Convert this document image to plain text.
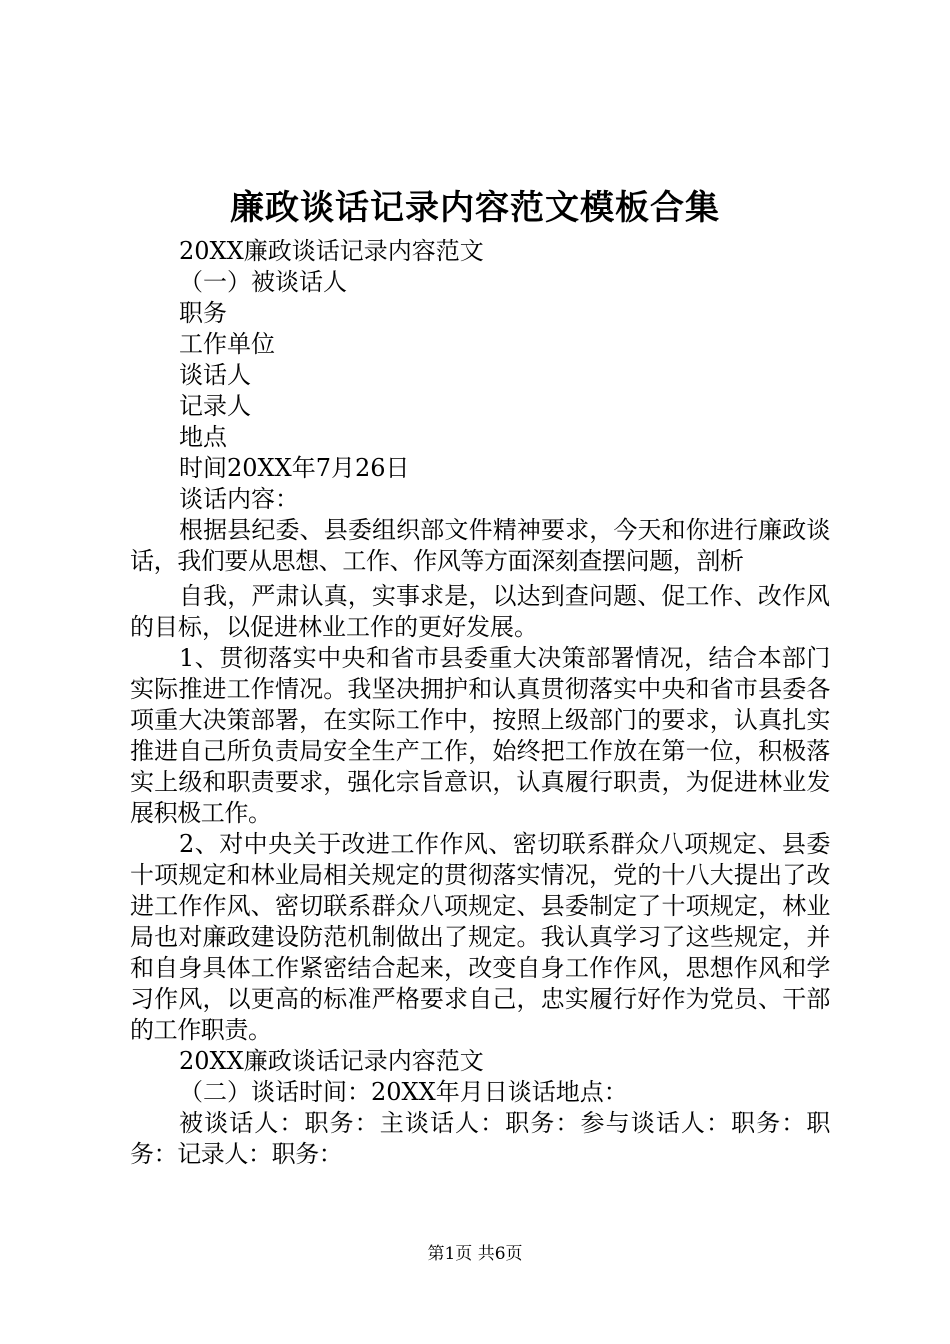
廉政谈话记录内容范文模板合集
20XX廉政谈话记录内容范文
（一）被谈话人
职务
工作单位
谈话人
记录人
地点
时间20XX年7月26日
谈话内容：
根据县纪委、县委组织部文件精神要求，今天和你进行廉政谈话，我们要从思想、工作、作风等方面深刻查摆问题，剖析
自我，严肃认真，实事求是，以达到查问题、促工作、改作风的目标，以促进林业工作的更好发展。
1、贯彻落实中央和省市县委重大决策部署情况，结合本部门实际推进工作情况。我坚决拥护和认真贯彻落实中央和省市县委各项重大决策部署，在实际工作中，按照上级部门的要求，认真扎实推进自己所负责局安全生产工作，始终把工作放在第一位，积极落实上级和职责要求，强化宗旨意识，认真履行职责，为促进林业发展积极工作。
2、对中央关于改进工作作风、密切联系群众八项规定、县委十项规定和林业局相关规定的贯彻落实情况，党的十八大提出了改进工作作风、密切联系群众八项规定、县委制定了十项规定，林业局也对廉政建设防范机制做出了规定。我认真学习了这些规定，并和自身具体工作紧密结合起来，改变自身工作作风，思想作风和学习作风，以更高的标准严格要求自己，忠实履行好作为党员、干部的工作职责。
20XX廉政谈话记录内容范文
（二）谈话时间：20XX年月日谈话地点：
被谈话人：职务：主谈话人：职务：参与谈话人：职务：职务：记录人：职务：
第1页 共6页
